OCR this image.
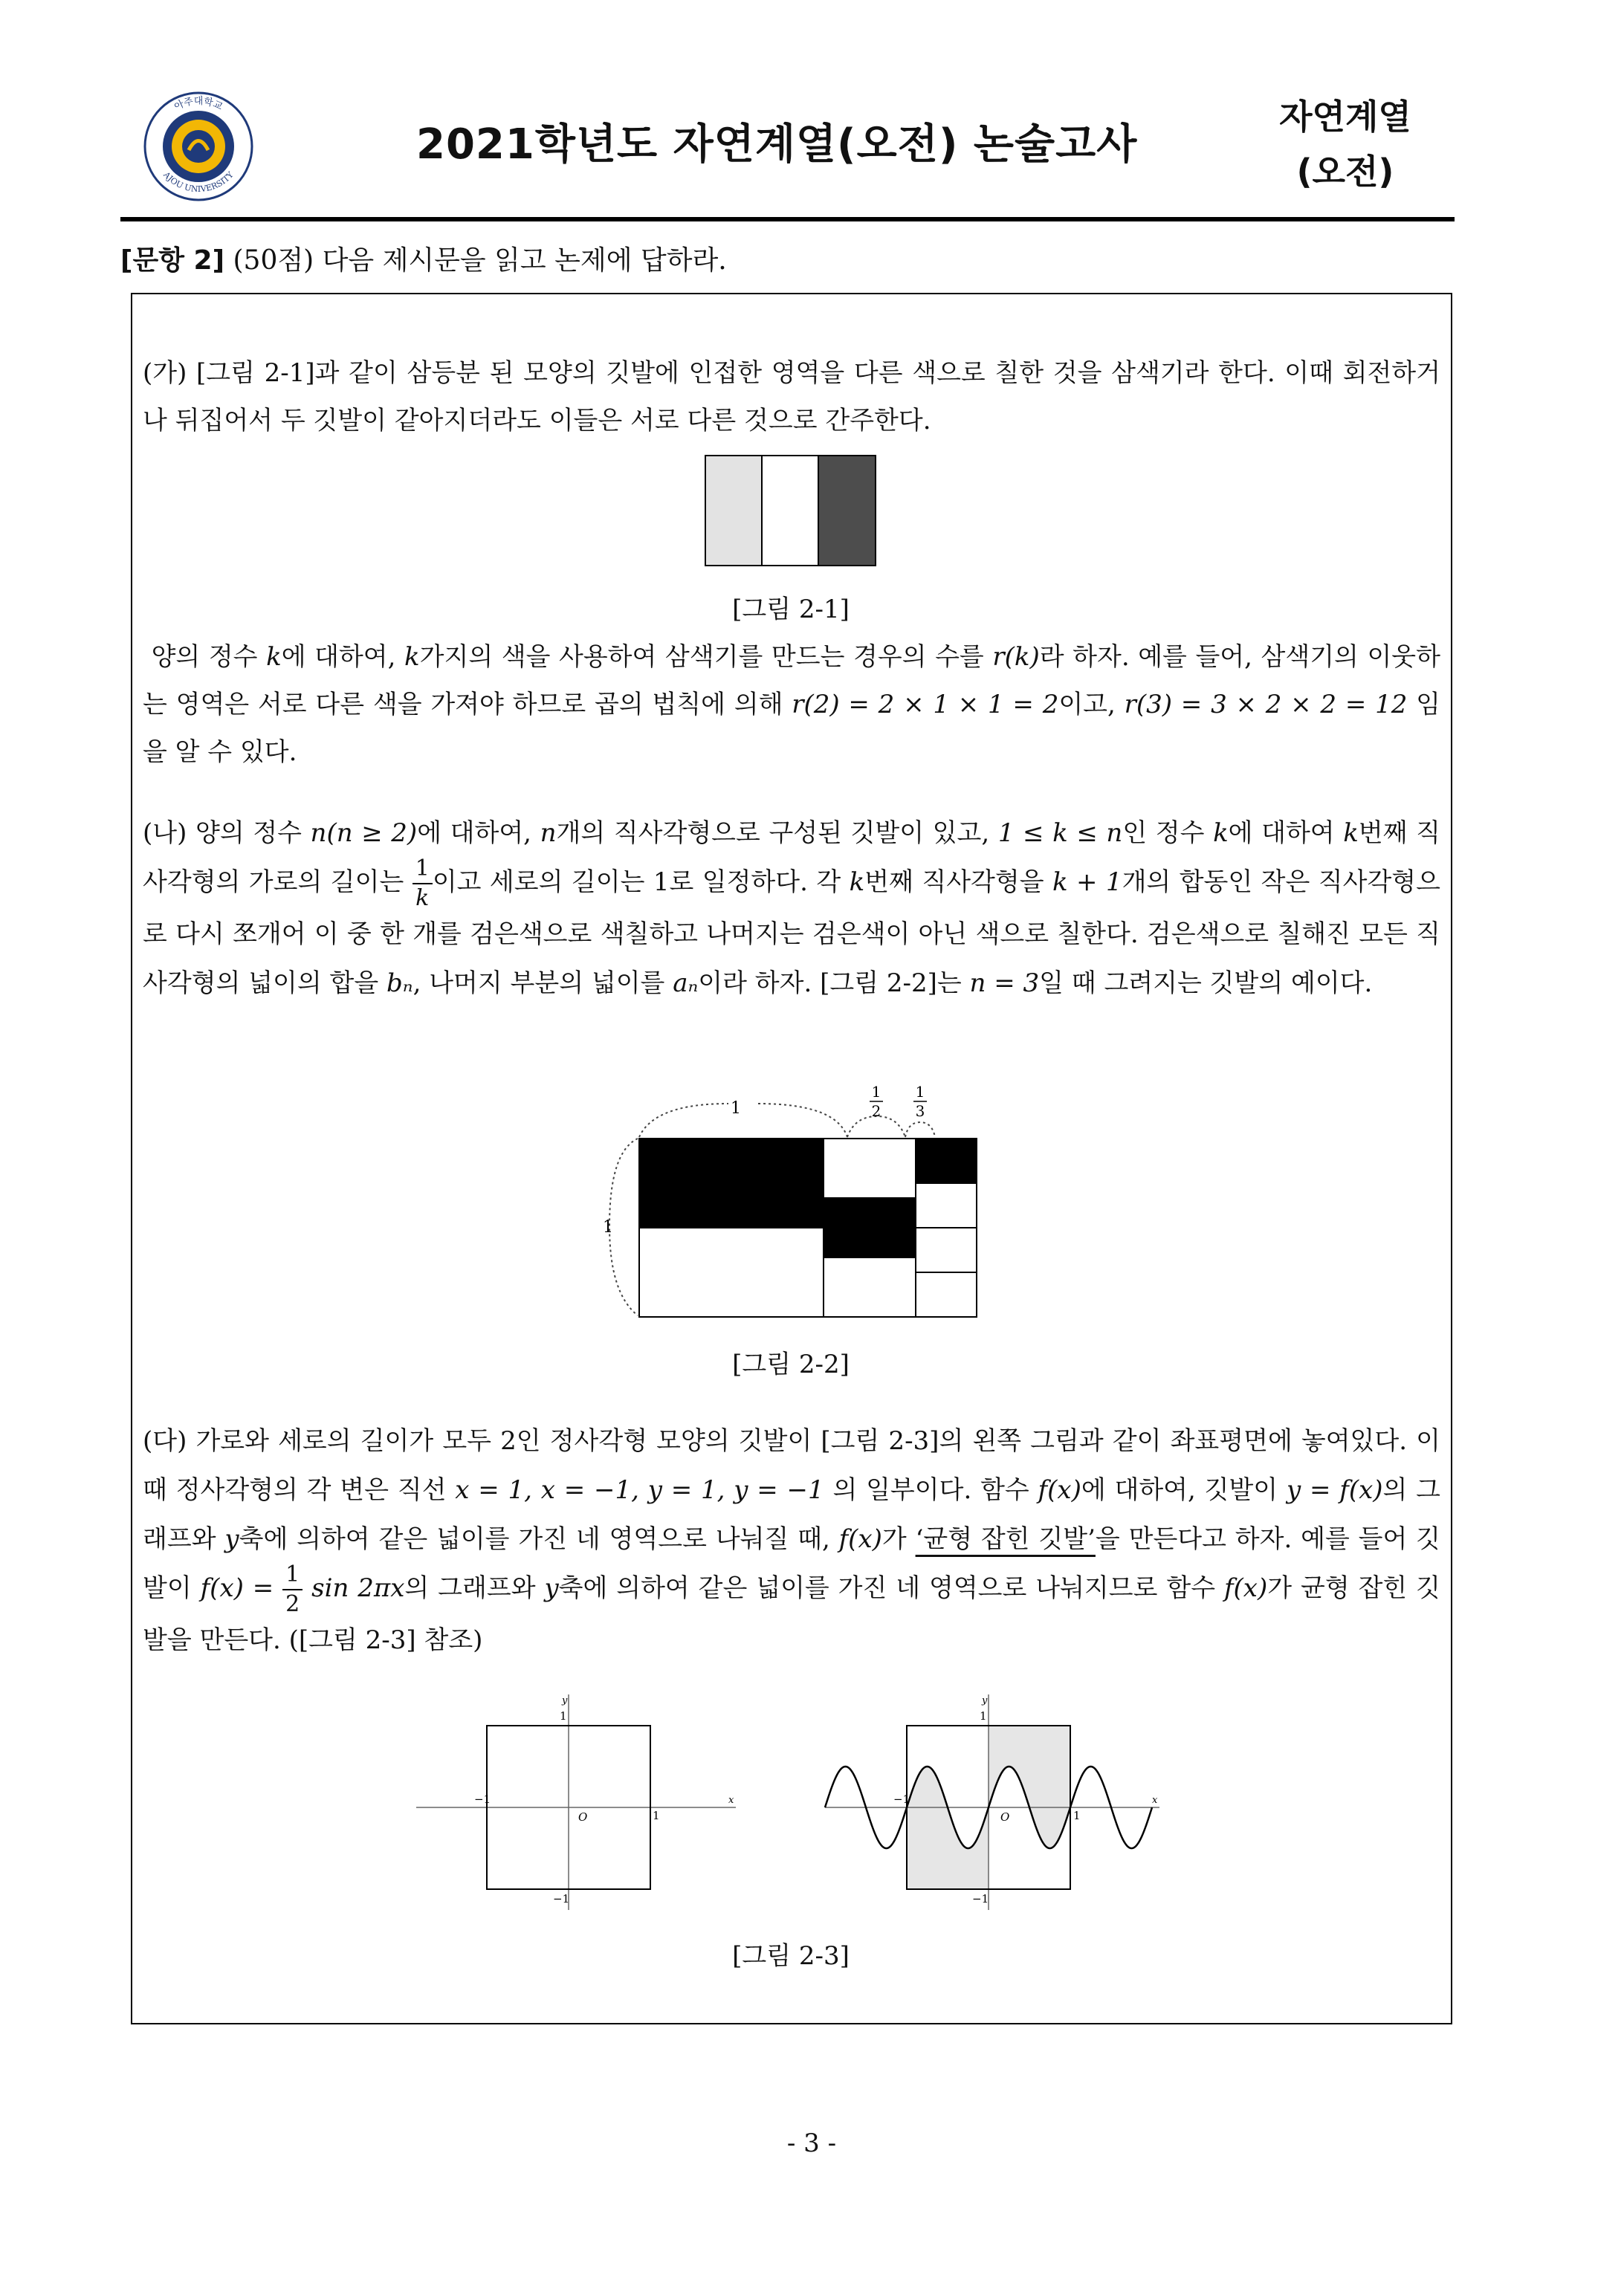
1973
아주대학교
AJOU UNIVERSITY
2021학년도 자연계열(오전) 논술고사
자연계열
(오전)
[문항 2] (50점) 다음 제시문을 읽고 논제에 답하라.
(가) [그림 2-1]과 같이 삼등분 된 모양의 깃발에 인접한 영역을 다른 색으로 칠한 것을 삼색기라 한다. 이때 회전하거나 뒤집어서 두 깃발이 같아지더라도 이들은 서로 다른 것으로 간주한다.
[그림 2-1]
양의 정수 k에 대하여, k가지의 색을 사용하여 삼색기를 만드는 경우의 수를 r(k)라 하자. 예를 들어, 삼색기의 이웃하는 영역은 서로 다른 색을 가져야 하므로 곱의 법칙에 의해 r(2) = 2 × 1 × 1 = 2이고, r(3) = 3 × 2 × 2 = 12 임을 알 수 있다.
(나) 양의 정수 n(n ≥ 2)에 대하여, n개의 직사각형으로 구성된 깃발이 있고, 1 ≤ k ≤ n인 정수 k에 대하여 k번째 직사각형의 가로의 길이는 $\frac{1}{k}$ 이고 세로의 길이는 1로 일정하다. 각 k번째 직사각형을 k + 1개의 합동인 작은 직사각형으로 다시 쪼개어 이 중 한 개를 검은색으로 색칠하고 나머지는 검은색이 아닌 색으로 칠한다. 검은색으로 칠해진 모든 직사각형의 넓이의 합을 bₙ, 나머지 부분의 넓이를 aₙ이라 하자. [그림 2-2]는 n = 3일 때 그려지는 깃발의 예이다.
1
1
2
1
3
1
[그림 2-2]
(다) 가로와 세로의 길이가 모두 2인 정사각형 모양의 깃발이 [그림 2-3]의 왼쪽 그림과 같이 좌표평면에 놓여있다. 이때 정사각형의 각 변은 직선 x = 1, x = −1, y = 1, y = −1 의 일부이다. 함수 f(x)에 대하여, 깃발이 y = f(x)의 그래프와 y축에 의하여 같은 넓이를 가진 네 영역으로 나눠질 때, f(x)가 ‘균형 잡힌 깃발’을 만든다고 하자. 예를 들어 깃발이 $f(x) = \frac{1}{2}$ sin 2πx의 그래프와 y축에 의하여 같은 넓이를 가진 네 영역으로 나눠지므로 함수 f(x)가 균형 잡힌 깃발을 만든다. ([그림 2-3] 참조)
x
y
1
−1
1
−1
O
x
y
1
−1
1
−1
O
[그림 2-3]
- 3 -
